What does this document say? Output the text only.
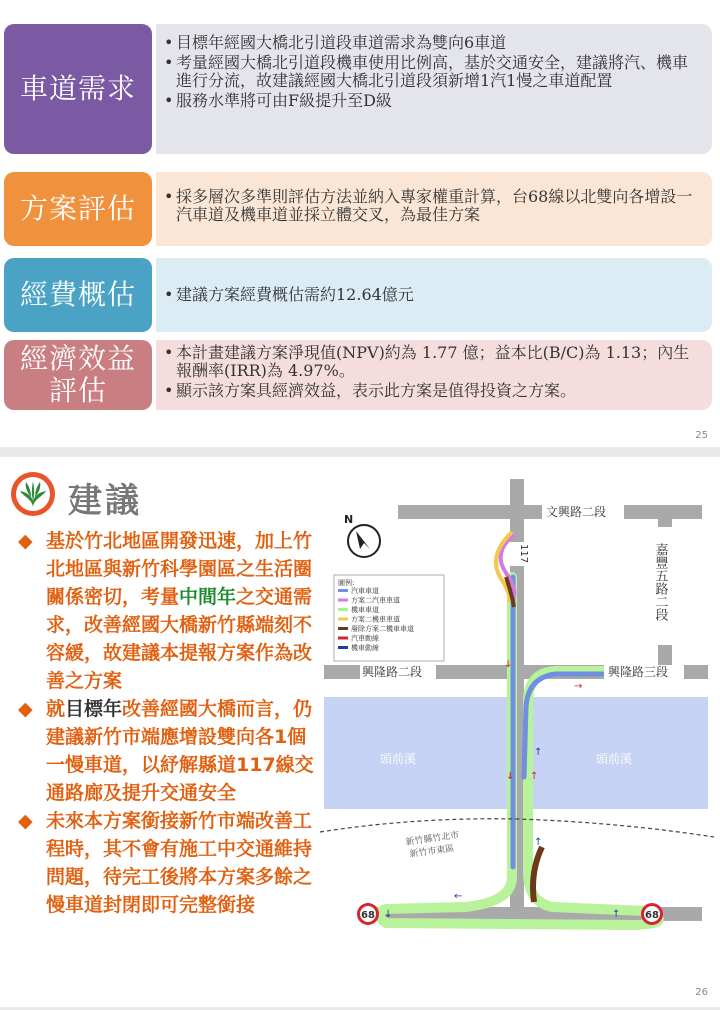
車道需求
• 目標年經國大橋北引道段車道需求為雙向6車道
• 考量經國大橋北引道段機車使用比例高，基於交通安全，建議將汽、機車進行分流，故建議經國大橋北引道段須新增1汽1慢之車道配置
• 服務水準將可由F級提升至D級
方案評估	• 採多層次多準則評估方法並納入專家權重計算，台68線以北雙向各增設一汽車道及機車道並採立體交叉，為最佳方案
經費概估	• 建議方案經費概估需約12.64億元
經濟效益評估
• 本計畫建議方案淨現值(NPV)約為 1.77 億；益本比(B/C)為 1.13；內生報酬率(IRR)為 4.97%。
• 顯示該方案具經濟效益，表示此方案是值得投資之方案。
25
建議

◆ 基於竹北地區開發迅速，加上竹北地區與新竹科學園區之生活圈關係密切，考量中間年之交通需求，改善經國大橋新竹縣端刻不容緩，故建議本提報方案作為改善之方案

◆ 就目標年改善經國大橋而言，仍建議新竹市端應增設雙向各1個一慢車道，以紓解縣道117線交通路廊及提升交通安全

◆ 未來本方案銜接新竹市端改善工程時，其不會有施工中交通維持問題，待完工後將本方案多餘之慢車道封閉即可完整銜接

↓
↓ ↑
→
↑
↑
←
↑
↓
新竹縣竹北市
新竹市東區
文興路二段
117	嘉豐五路二段
興隆路二段	興隆路三段
頭前溪	頭前溪
68	68
N
圖例:
汽車車道
方案二汽車車道
機車車道
方案二機車車道
廢除方案二機車車道
汽車動線
機車動線
26
